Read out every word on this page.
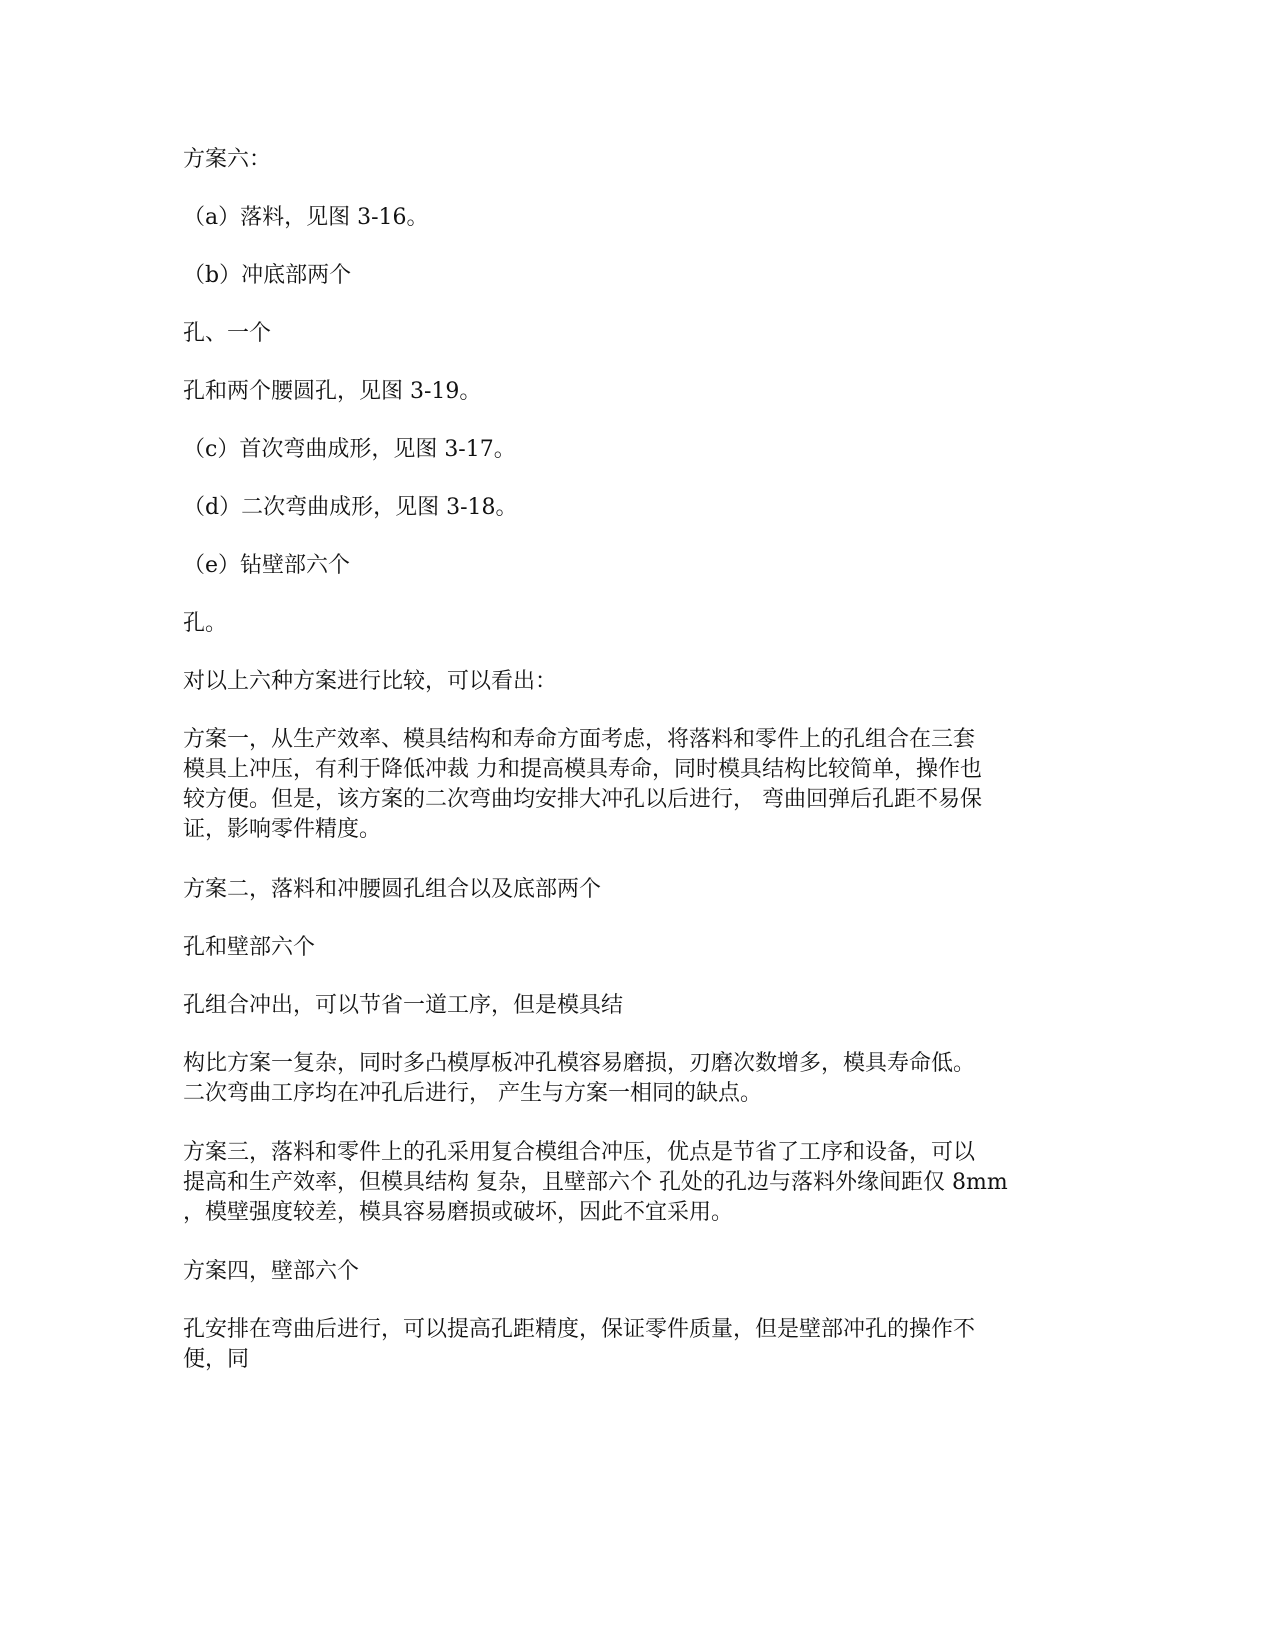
方案六：

（a）落料，见图 3-16。

（b）冲底部两个

孔、一个

孔和两个腰圆孔，见图 3-19。

（c）首次弯曲成形，见图 3-17。

（d）二次弯曲成形，见图 3-18。

（e）钻壁部六个

孔。

对以上六种方案进行比较，可以看出：

方案一，从生产效率、模具结构和寿命方面考虑，将落料和零件上的孔组合在三套
模具上冲压，有利于降低冲裁 力和提高模具寿命，同时模具结构比较简单，操作也
较方便。但是，该方案的二次弯曲均安排大冲孔以后进行， 弯曲回弹后孔距不易保
证，影响零件精度。

方案二，落料和冲腰圆孔组合以及底部两个

孔和壁部六个

孔组合冲出，可以节省一道工序，但是模具结

构比方案一复杂，同时多凸模厚板冲孔模容易磨损，刃磨次数增多，模具寿命低。
二次弯曲工序均在冲孔后进行， 产生与方案一相同的缺点。

方案三，落料和零件上的孔采用复合模组合冲压，优点是节省了工序和设备，可以
提高和生产效率，但模具结构 复杂，且壁部六个 孔处的孔边与落料外缘间距仅 8mm
，模壁强度较差，模具容易磨损或破坏，因此不宜采用。

方案四，壁部六个

孔安排在弯曲后进行，可以提高孔距精度，保证零件质量，但是壁部冲孔的操作不
便，同
